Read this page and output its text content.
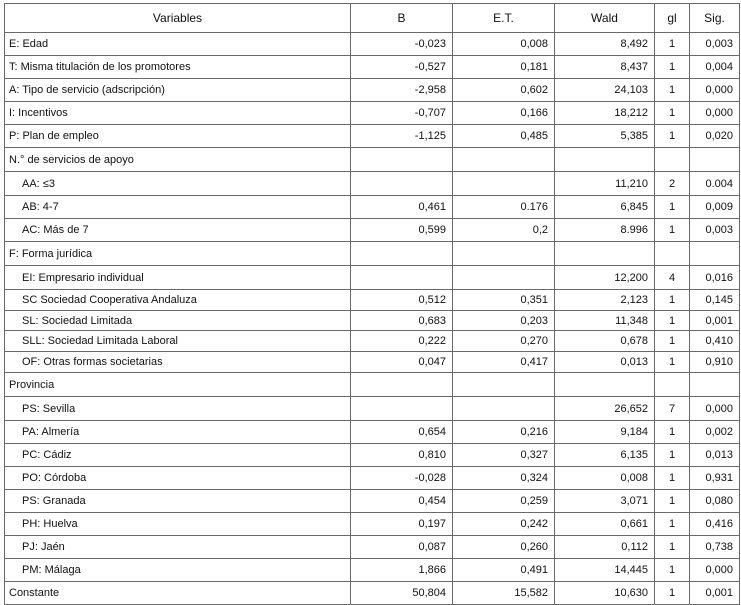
Variables	B	E.T.	Wald	gl	Sig.
E: Edad	-0,023	0,008	8,492	1	0,003
T: Misma titulación de los promotores	-0,527	0,181	8,437	1	0,004
A: Tipo de servicio (adscripción)	-2,958	0,602	24,103	1	0,000
I: Incentivos	-0,707	0,166	18,212	1	0,000
P: Plan de empleo	-1,125	0,485	5,385	1	0,020
N.° de servicios de apoyo					
AA: ≤3			11,210	2	0.004
AB: 4-7	0,461	0.176	6,845	1	0,009
AC: Más de 7	0,599	0,2	8.996	1	0,003
F: Forma jurídica					
EI: Empresario individual			12,200	4	0,016
SC Sociedad Cooperativa Andaluza	0,512	0,351	2,123	1	0,145
SL: Sociedad Limitada	0,683	0,203	11,348	1	0,001
SLL: Sociedad Limitada Laboral	0,222	0,270	0,678	1	0,410
OF: Otras formas societarias	0,047	0,417	0,013	1	0,910
Provincia					
PS: Sevilla			26,652	7	0,000
PA: Almería	0,654	0,216	9,184	1	0,002
PC: Cádiz	0,810	0,327	6,135	1	0,013
PO: Córdoba	-0,028	0,324	0,008	1	0,931
PS: Granada	0,454	0,259	3,071	1	0,080
PH: Huelva	0,197	0,242	0,661	1	0,416
PJ: Jaén	0,087	0,260	0,112	1	0,738
PM: Málaga	1,866	0,491	14,445	1	0,000
Constante	50,804	15,582	10,630	1	0,001
